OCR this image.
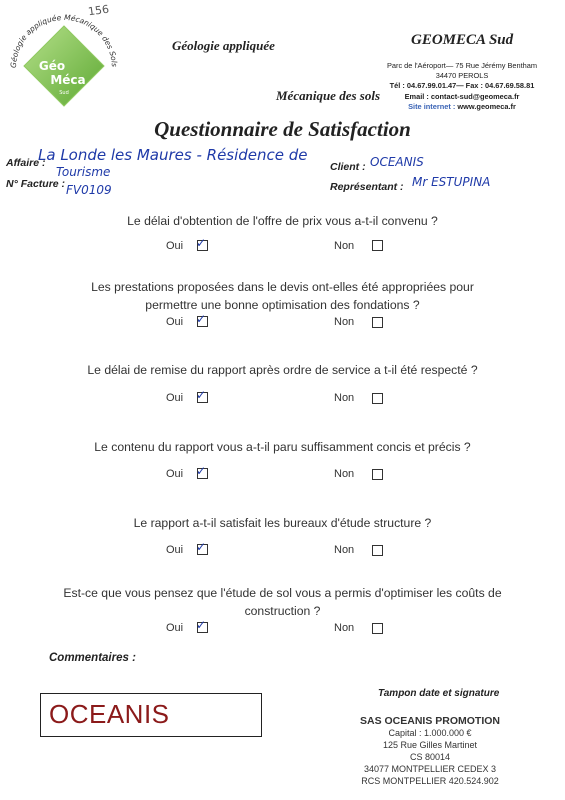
156
Géologie appliquée Mécanique des Sols
Géo
Méca
Sud
Géologie appliquée	GEOMECA Sud
Parc de l'Aéroport— 75 Rue Jérémy Bentham
34470 PEROLS
Tél : 04.67.99.01.47— Fax : 04.67.69.58.81
Email : contact-sud@geomeca.fr
Site internet : www.geomeca.fr
Mécanique des sols
Questionnaire de Satisfaction
Affaire :
La Londe les Maures - Résidence de
Tourisme
N° Facture : FV0109
Client : OCEANIS
Représentant : Mr ESTUPINA
Le délai d'obtention de l'offre de prix vous a-t-il convenu ?
Les prestations proposées dans le devis ont-elles été appropriées pour
permettre une bonne optimisation des fondations ?
Le délai de remise du rapport après ordre de service a t-il été respecté ?
Le contenu du rapport vous a-t-il paru suffisamment concis et précis ?
Le rapport a-t-il satisfait les bureaux d'étude structure ?
Est-ce que vous pensez que l'étude de sol vous a permis d'optimiser les coûts de
construction ?
Oui ✓	Non
Oui ✓	Non
Oui ✓	Non
Oui ✓	Non
Oui ✓	Non
Oui ✓	Non
Commentaires :
Tampon date et signature
OCEANIS	SAS OCEANIS PROMOTION
Capital : 1.000.000 €
125 Rue Gilles Martinet
CS 80014
34077 MONTPELLIER CEDEX 3
RCS MONTPELLIER 420.524.902
